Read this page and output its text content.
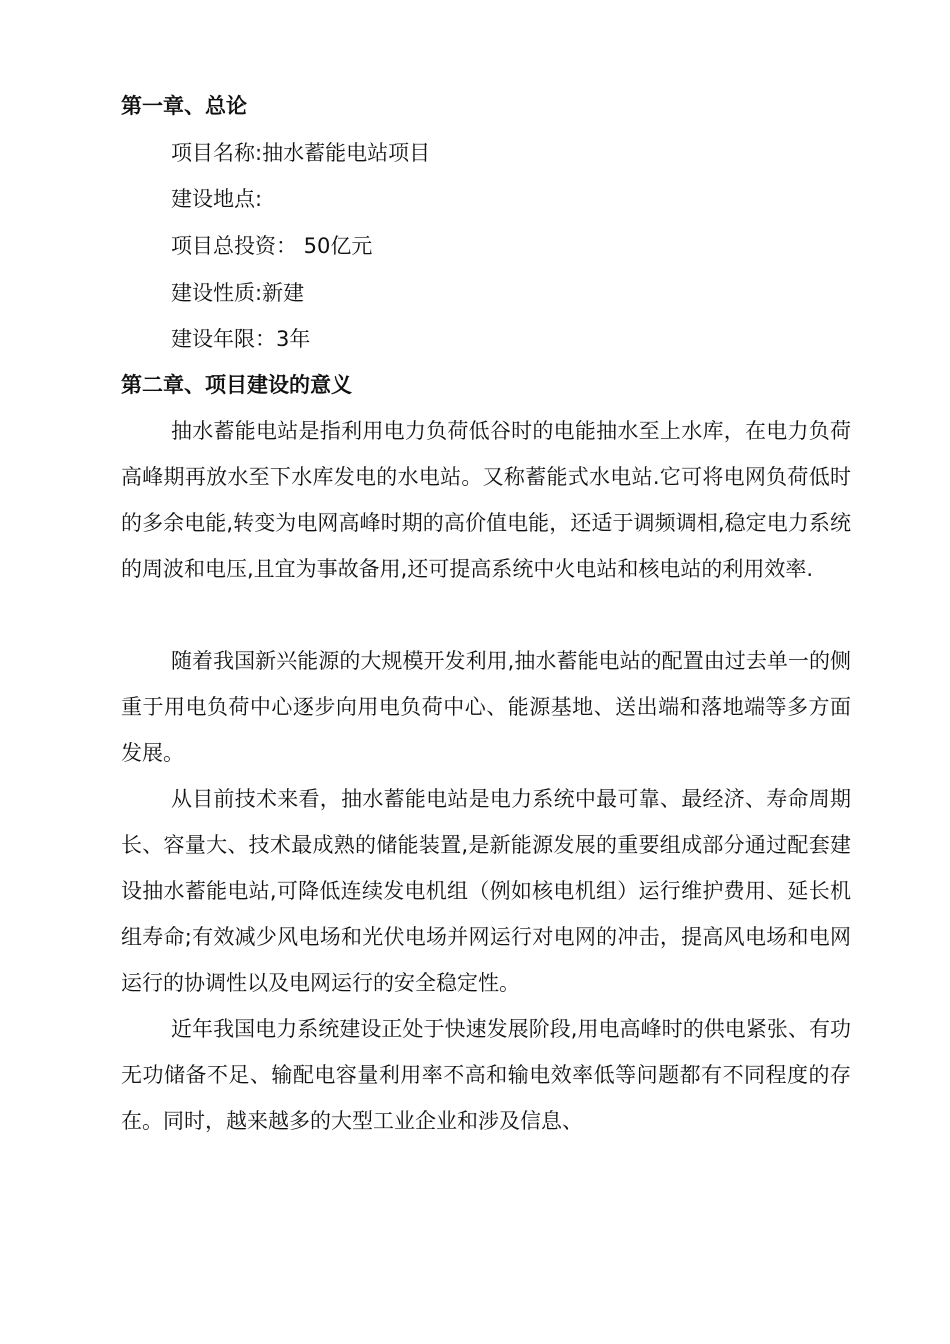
第一章、总论
项目名称:抽水蓄能电站项目
建设地点:
项目总投资： 50亿元
建设性质:新建
建设年限：3年
第二章、项目建设的意义

抽水蓄能电站是指利用电力负荷低谷时的电能抽水至上水库，在电力负荷高峰期再放水至下水库发电的水电站。又称蓄能式水电站.它可将电网负荷低时的多余电能,转变为电网高峰时期的高价值电能，还适于调频调相,稳定电力系统的周波和电压,且宜为事故备用,还可提高系统中火电站和核电站的利用效率.

随着我国新兴能源的大规模开发利用,抽水蓄能电站的配置由过去单一的侧重于用电负荷中心逐步向用电负荷中心、能源基地、送出端和落地端等多方面发展。

从目前技术来看，抽水蓄能电站是电力系统中最可靠、最经济、寿命周期长、容量大、技术最成熟的储能装置,是新能源发展的重要组成部分通过配套建设抽水蓄能电站,可降低连续发电机组（例如核电机组）运行维护费用、延长机组寿命;有效减少风电场和光伏电场并网运行对电网的冲击，提高风电场和电网运行的协调性以及电网运行的安全稳定性。

近年我国电力系统建设正处于快速发展阶段,用电高峰时的供电紧张、有功无功储备不足、输配电容量利用率不高和输电效率低等问题都有不同程度的存在。同时，越来越多的大型工业企业和涉及信息、
